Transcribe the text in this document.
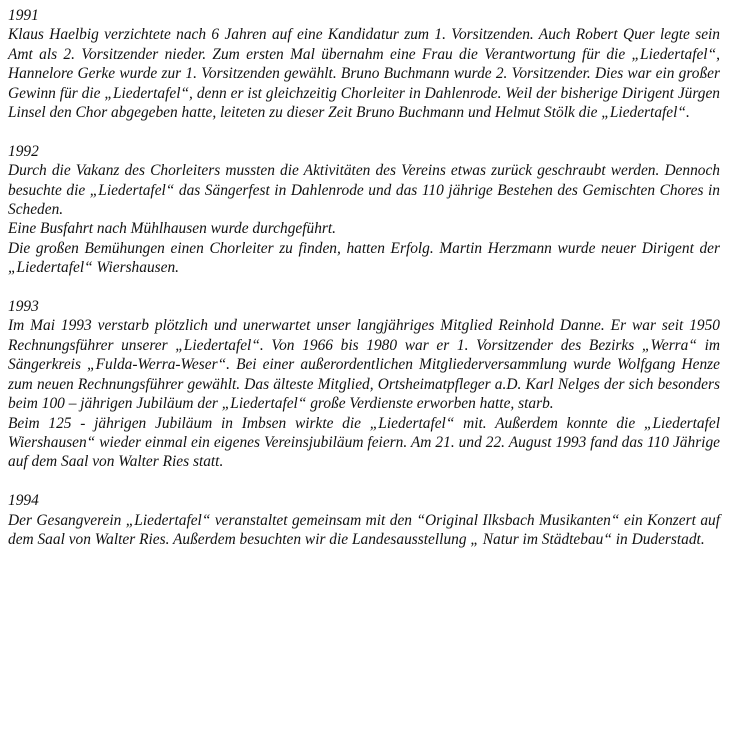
1991

Klaus Haelbig verzichtete nach 6 Jahren auf eine Kandidatur zum 1. Vorsitzenden. Auch Robert Quer legte sein Amt als 2. Vorsitzender nieder. Zum ersten Mal übernahm eine Frau die Verantwortung für die „Liedertafel“, Hannelore Gerke wurde zur 1. Vorsitzenden gewählt. Bruno Buchmann wurde 2. Vorsitzender. Dies war ein großer Gewinn für die „Liedertafel“, denn er ist gleichzeitig Chorleiter in Dahlenrode. Weil der bisherige Dirigent Jürgen Linsel den Chor abgegeben hatte, leiteten zu dieser Zeit Bruno Buchmann und Helmut Stölk die „Liedertafel“.

1992

Durch die Vakanz des Chorleiters mussten die Aktivitäten des Vereins etwas zurück geschraubt werden. Dennoch besuchte die „Liedertafel“ das Sängerfest in Dahlenrode und das 110 jährige Bestehen des Gemischten Chores in Scheden.

Eine Busfahrt nach Mühlhausen wurde durchgeführt.

Die großen Bemühungen einen Chorleiter zu finden, hatten Erfolg. Martin Herzmann wurde neuer Dirigent der „Liedertafel“ Wiershausen.

1993

Im Mai 1993 verstarb plötzlich und unerwartet unser langjähriges Mitglied Reinhold Danne. Er war seit 1950 Rechnungsführer unserer „Liedertafel“. Von 1966 bis 1980 war er 1. Vorsitzender des Bezirks „Werra“ im Sängerkreis „Fulda-Werra-Weser“. Bei einer außerordentlichen Mitgliederversammlung wurde Wolfgang Henze zum neuen Rechnungsführer gewählt. Das älteste Mitglied, Ortsheimatpfleger a.D. Karl Nelges der sich besonders beim 100 – jährigen Jubiläum der „Liedertafel“ große Verdienste erworben hatte, starb.

Beim 125 - jährigen Jubiläum in Imbsen wirkte die „Liedertafel“ mit. Außerdem konnte die „Liedertafel Wiershausen“ wieder einmal ein eigenes Vereinsjubiläum feiern. Am 21. und 22. August 1993 fand das 110 Jährige auf dem Saal von Walter Ries statt.

1994

Der Gesangverein „Liedertafel“ veranstaltet gemeinsam mit den “Original Ilksbach Musikanten“ ein Konzert auf dem Saal von Walter Ries. Außerdem besuchten wir die Landesausstellung „ Natur im Städtebau“ in Duderstadt.
